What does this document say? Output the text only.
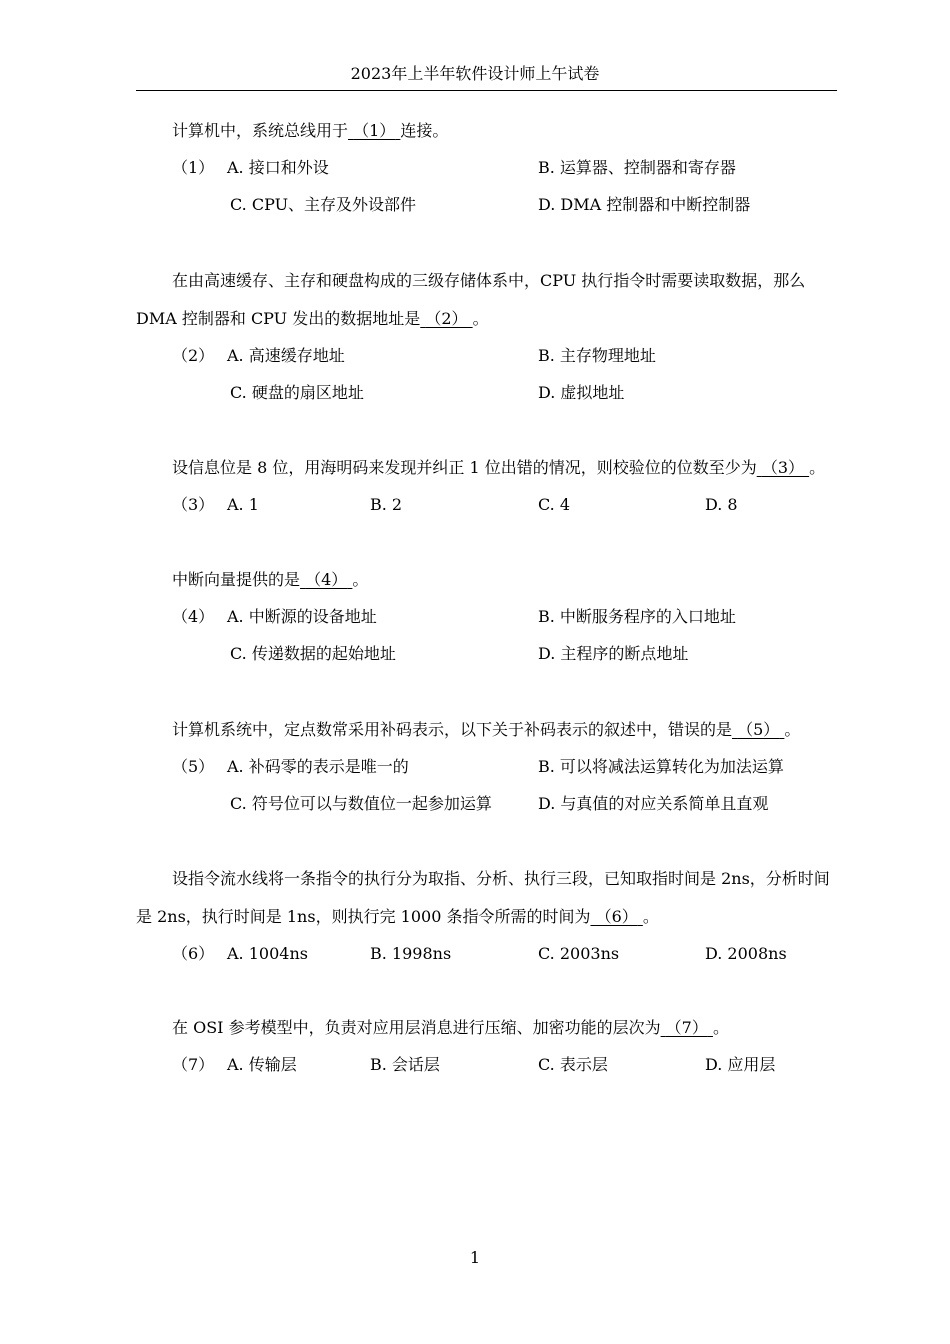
2023年上半年软件设计师上午试卷

计算机中，系统总线用于 （1） 连接。

（1） A. 接口和外设	B. 运算器、控制器和寄存器
C. CPU、主存及外设部件	D. DMA 控制器和中断控制器

在由高速缓存、主存和硬盘构成的三级存储体系中，CPU 执行指令时需要读取数据，那么 DMA 控制器和 CPU 发出的数据地址是 （2） 。

（2） A. 高速缓存地址	B. 主存物理地址
C. 硬盘的扇区地址	D. 虚拟地址

设信息位是 8 位，用海明码来发现并纠正 1 位出错的情况，则校验位的位数至少为 （3） 。

（3） A. 1	B. 2	C. 4	D. 8

中断向量提供的是 （4） 。

（4） A. 中断源的设备地址	B. 中断服务程序的入口地址
C. 传递数据的起始地址	D. 主程序的断点地址

计算机系统中，定点数常采用补码表示，以下关于补码表示的叙述中，错误的是 （5） 。

（5） A. 补码零的表示是唯一的	B. 可以将减法运算转化为加法运算
C. 符号位可以与数值位一起参加运算	D. 与真值的对应关系简单且直观

设指令流水线将一条指令的执行分为取指、分析、执行三段，已知取指时间是 2ns，分析时间是 2ns，执行时间是 1ns，则执行完 1000 条指令所需的时间为 （6） 。

（6） A. 1004ns	B. 1998ns	C. 2003ns	D. 2008ns

在 OSI 参考模型中，负责对应用层消息进行压缩、加密功能的层次为 （7） 。

（7） A. 传输层	B. 会话层	C. 表示层	D. 应用层
1
